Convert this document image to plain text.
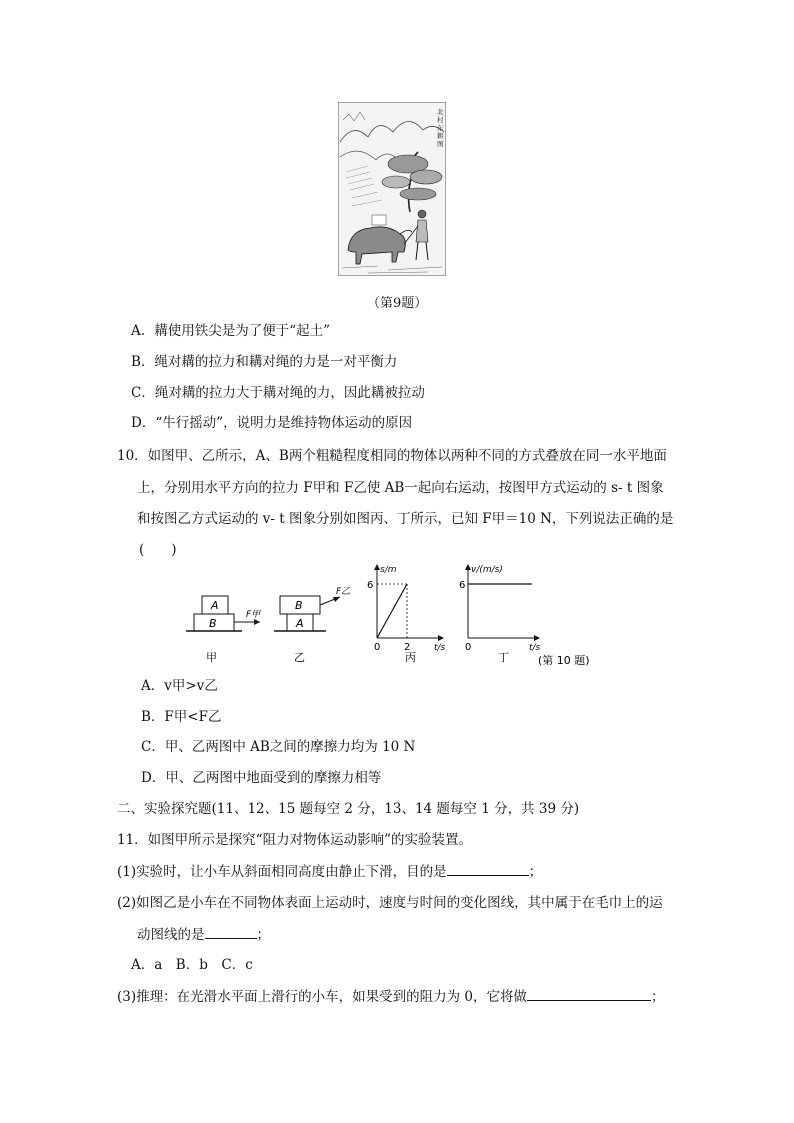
北
村
东
耕
图
（第9题）
A．耩使用铁尖是为了便于“起土”
B．绳对耩的拉力和耩对绳的力是一对平衡力
C．绳对耩的拉力大于耩对绳的力，因此耩被拉动
D．“牛行摇动”，说明力是维持物体运动的原因
10．如图甲、乙所示，A、B两个粗糙程度相同的物体以两种不同的方式叠放在同一水平地面
上，分别用水平方向的拉力 F甲和 F乙使 AB一起向右运动，按图甲方式运动的 s- t 图象
和按图乙方式运动的 v- t 图象分别如图丙、丁所示，已知 F甲＝10 N，下列说法正确的是
(　　)
A
B
F甲
甲
B
A
F乙
乙
s/m
6
0 2	t/s
丙
v/(m/s)
6
0	t/s
丁	(第 10 题)
A．v甲>v乙
B．F甲<F乙
C．甲、乙两图中 AB之间的摩擦力均为 10 N
D．甲、乙两图中地面受到的摩擦力相等
二、实验探究题(11、12、15 题每空 2 分，13、14 题每空 1 分，共 39 分)
11．如图甲所示是探究“阻力对物体运动影响”的实验装置。
(1)实验时，让小车从斜面相同高度由静止下滑，目的是	；
(2)如图乙是小车在不同物体表面上运动时，速度与时间的变化图线，其中属于在毛巾上的运
动图线的是	；
A．a　B．b　C．c
(3)推理：在光滑水平面上滑行的小车，如果受到的阻力为 0，它将做	；
